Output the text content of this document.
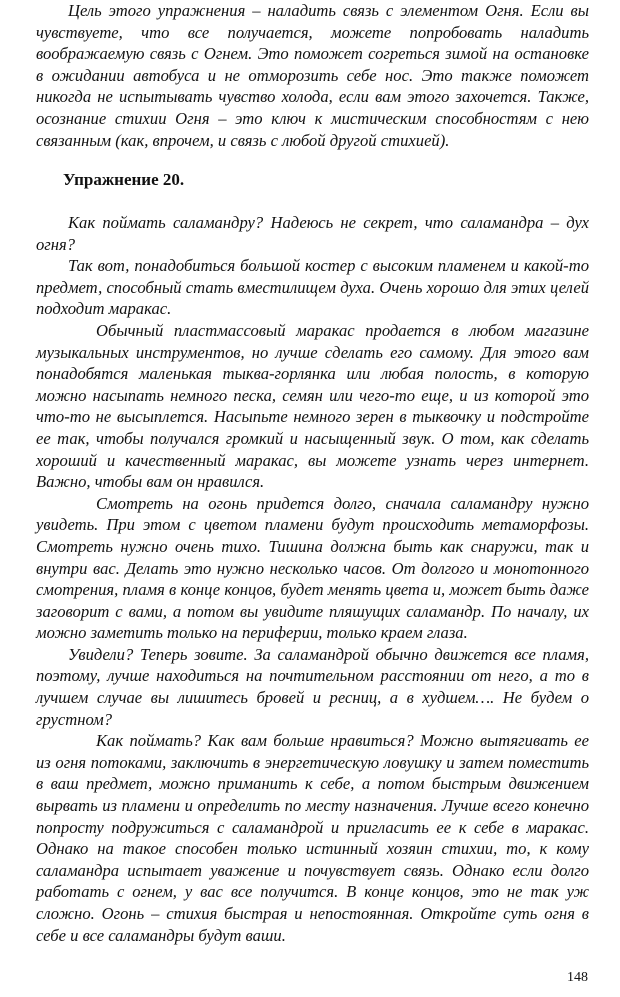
Цель этого упражнения – наладить связь с элементом Огня. Если вы чувствуете, что все получается, можете попробовать наладить воображаемую связь с Огнем. Это поможет согреться зимой на остановке в ожидании автобуса и не отморозить себе нос. Это также поможет никогда не испытывать чувство холода, если вам этого захочется. Также, осознание стихии Огня – это ключ к мистическим способностям с нею связанным (как, впрочем, и связь с любой другой стихией).

Упражнение 20.

Как поймать саламандру? Надеюсь не секрет, что саламандра – дух огня?

Так вот, понадобиться большой костер с высоким пламенем и какой-то предмет, способный стать вместилищем духа. Очень хорошо для этих целей подходит маракас.

Обычный пластмассовый маракас продается в любом магазине музыкальных инструментов, но лучше сделать его самому. Для этого вам понадобятся маленькая тыква-горлянка или любая полость, в которую можно насыпать немного песка, семян или чего-то еще, и из которой это что-то не высыплется. Насыпьте немного зерен в тыквочку и подстройте ее так, чтобы получался громкий и насыщенный звук. О том, как сделать хороший и качественный маракас, вы можете узнать через интернет. Важно, чтобы вам он нравился.

Смотреть на огонь придется долго, сначала саламандру нужно увидеть. При этом с цветом пламени будут происходить метаморфозы. Смотреть нужно очень тихо. Тишина должна быть как снаружи, так и внутри вас. Делать это нужно несколько часов. От долгого и монотонного смотрения, пламя в конце концов, будет менять цвета и, может быть даже заговорит с вами, а потом вы увидите пляшущих саламандр. По началу, их можно заметить только на периферии, только краем глаза.

Увидели? Теперь зовите. За саламандрой обычно движется все пламя, поэтому, лучше находиться на почтительном расстоянии от него, а то в лучшем случае вы лишитесь бровей и ресниц, а в худшем…. Не будем о грустном?

Как поймать? Как вам больше нравиться? Можно вытягивать ее из огня потоками, заключить в энергетическую ловушку и затем поместить в ваш предмет, можно приманить к себе, а потом быстрым движением вырвать из пламени и определить по месту назначения. Лучше всего конечно попросту подружиться с саламандрой и пригласить ее к себе в маракас. Однако на такое способен только истинный хозяин стихии, то, к кому саламандра испытает уважение и почувствует связь. Однако если долго работать с огнем, у вас все получится. В конце концов, это не так уж сложно. Огонь – стихия быстрая и непостоянная. Откройте суть огня в себе и все саламандры будут ваши.

148
